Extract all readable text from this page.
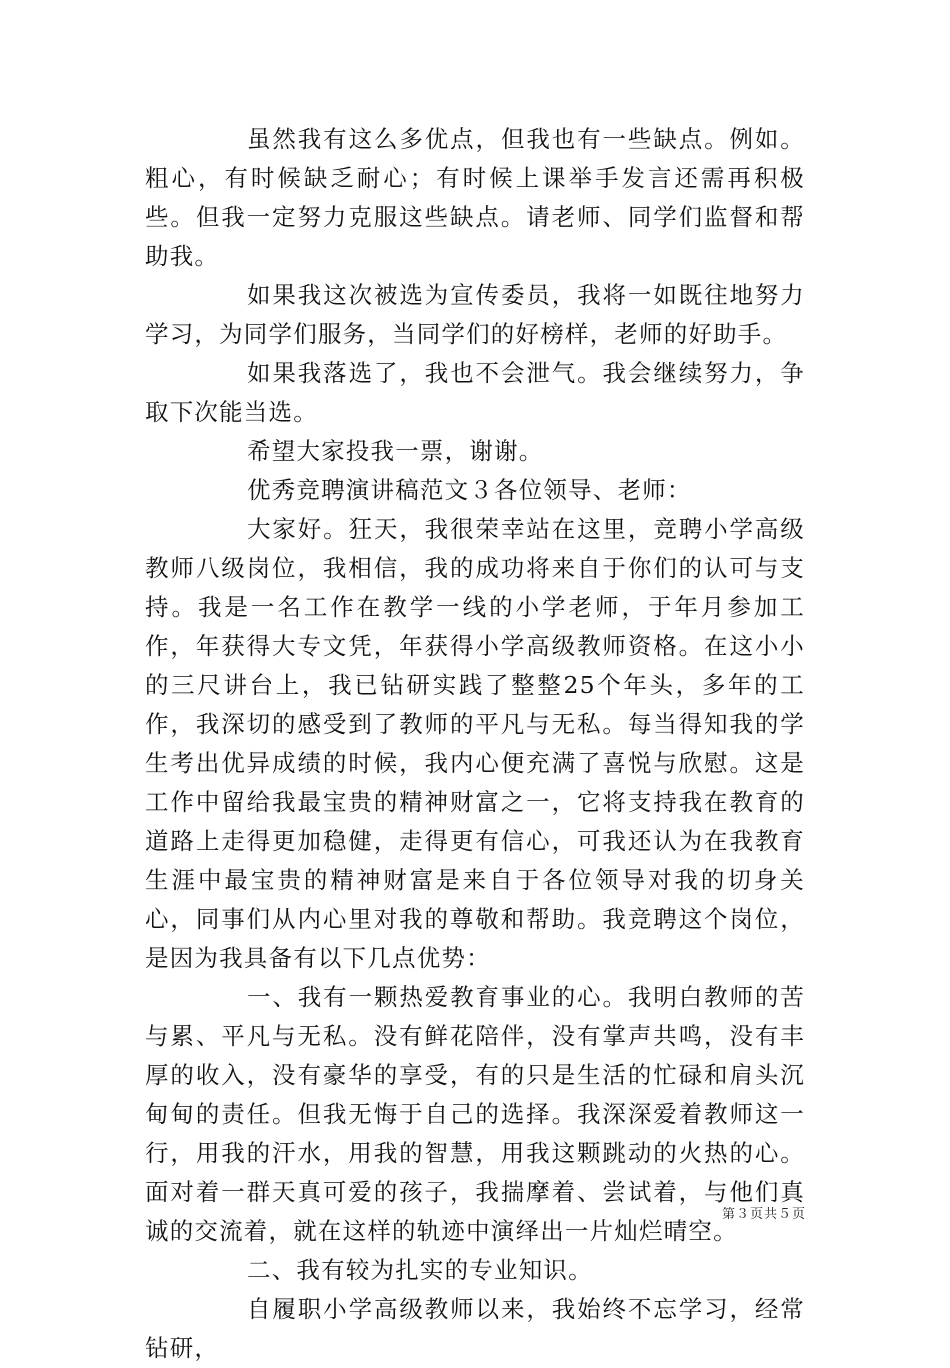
虽然我有这么多优点，但我也有一些缺点。例如。粗心，有时候缺乏耐心；有时候上课举手发言还需再积极些。但我一定努力克服这些缺点。请老师、同学们监督和帮助我。

如果我这次被选为宣传委员，我将一如既往地努力学习，为同学们服务，当同学们的好榜样，老师的好助手。

如果我落选了，我也不会泄气。我会继续努力，争取下次能当选。

希望大家投我一票，谢谢。

优秀竞聘演讲稿范文３各位领导、老师：

大家好。狂天，我很荣幸站在这里，竞聘小学高级教师八级岗位，我相信，我的成功将来自于你们的认可与支持。我是一名工作在教学一线的小学老师，于年月参加工作，年获得大专文凭，年获得小学高级教师资格。在这小小的三尺讲台上，我已钻研实践了整整25个年头，多年的工作，我深切的感受到了教师的平凡与无私。每当得知我的学生考出优异成绩的时候，我内心便充满了喜悦与欣慰。这是工作中留给我最宝贵的精神财富之一，它将支持我在教育的道路上走得更加稳健，走得更有信心，可我还认为在我教育生涯中最宝贵的精神财富是来自于各位领导对我的切身关心，同事们从内心里对我的尊敬和帮助。我竞聘这个岗位，是因为我具备有以下几点优势：

一、我有一颗热爱教育事业的心。我明白教师的苦与累、平凡与无私。没有鲜花陪伴，没有掌声共鸣，没有丰厚的收入，没有豪华的享受，有的只是生活的忙碌和肩头沉甸甸的责任。但我无悔于自己的选择。我深深爱着教师这一行，用我的汗水，用我的智慧，用我这颗跳动的火热的心。面对着一群天真可爱的孩子，我揣摩着、尝试着，与他们真诚的交流着，就在这样的轨迹中演绎出一片灿烂晴空。

二、我有较为扎实的专业知识。

自履职小学高级教师以来，我始终不忘学习，经常钻研，

第３页共５页
